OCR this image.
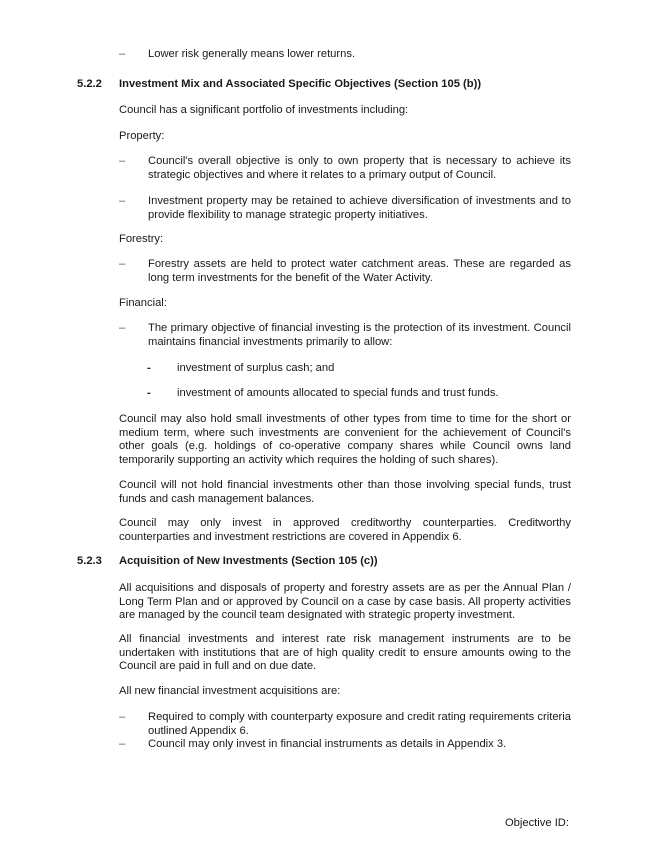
–	Lower risk generally means lower returns.
5.2.2 Investment Mix and Associated Specific Objectives (Section 105 (b))
Council has a significant portfolio of investments including:
Property:
–	Council's overall objective is only to own property that is necessary to achieve its strategic objectives and where it relates to a primary output of Council.
–	Investment property may be retained to achieve diversification of investments and to provide flexibility to manage strategic property initiatives.
Forestry:
–	Forestry assets are held to protect water catchment areas. These are regarded as long term investments for the benefit of the Water Activity.
Financial:
–	The primary objective of financial investing is the protection of its investment. Council maintains financial investments primarily to allow:
- investment of surplus cash; and
- investment of amounts allocated to special funds and trust funds.
Council may also hold small investments of other types from time to time for the short or medium term, where such investments are convenient for the achievement of Council's other goals (e.g. holdings of co-operative company shares while Council owns land temporarily supporting an activity which requires the holding of such shares).
Council will not hold financial investments other than those involving special funds, trust funds and cash management balances.
Council may only invest in approved creditworthy counterparties. Creditworthy counterparties and investment restrictions are covered in Appendix 6.
5.2.3 Acquisition of New Investments (Section 105 (c))
All acquisitions and disposals of property and forestry assets are as per the Annual Plan / Long Term Plan and or approved by Council on a case by case basis. All property activities are managed by the council team designated with strategic property investment.
All financial investments and interest rate risk management instruments are to be undertaken with institutions that are of high quality credit to ensure amounts owing to the Council are paid in full and on due date.
All new financial investment acquisitions are:
–	Required to comply with counterparty exposure and credit rating requirements criteria outlined Appendix 6.
–	Council may only invest in financial instruments as details in Appendix 3.
Objective ID:
